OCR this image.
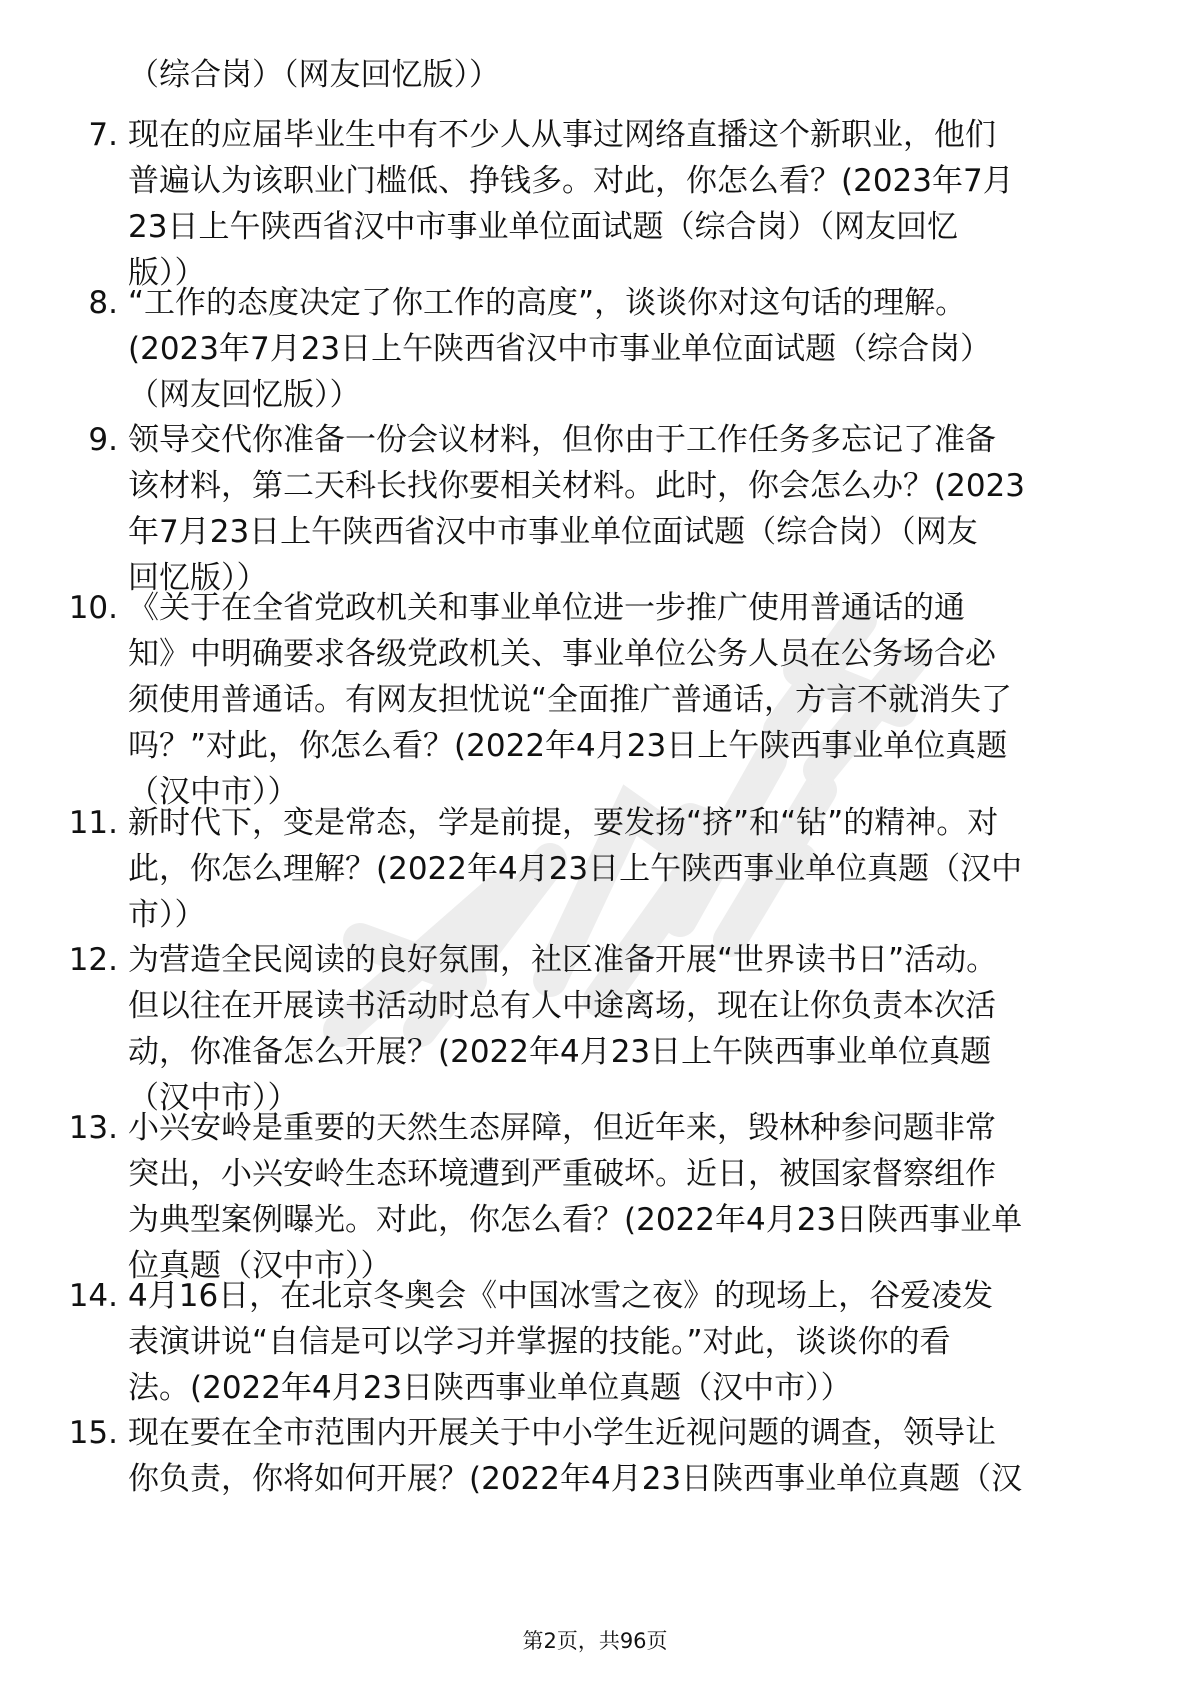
（综合岗）（网友回忆版））
7. 现在的应届毕业生中有不少人从事过网络直播这个新职业，他们
普遍认为该职业门槛低、挣钱多。对此，你怎么看？(2023年7月
23日上午陕西省汉中市事业单位面试题（综合岗）（网友回忆
版））
8. “工作的态度决定了你工作的高度”，谈谈你对这句话的理解。
(2023年7月23日上午陕西省汉中市事业单位面试题（综合岗）
（网友回忆版））
9. 领导交代你准备一份会议材料，但你由于工作任务多忘记了准备
该材料，第二天科长找你要相关材料。此时，你会怎么办？(2023
年7月23日上午陕西省汉中市事业单位面试题（综合岗）（网友
回忆版））
10. 《关于在全省党政机关和事业单位进一步推广使用普通话的通
知》中明确要求各级党政机关、事业单位公务人员在公务场合必
须使用普通话。有网友担忧说“全面推广普通话，方言不就消失了
吗？”对此，你怎么看？(2022年4月23日上午陕西事业单位真题
（汉中市））
11. 新时代下，变是常态，学是前提，要发扬“挤”和“钻”的精神。对
此，你怎么理解？(2022年4月23日上午陕西事业单位真题（汉中
市））
12. 为营造全民阅读的良好氛围，社区准备开展“世界读书日”活动。
但以往在开展读书活动时总有人中途离场，现在让你负责本次活
动，你准备怎么开展？(2022年4月23日上午陕西事业单位真题
（汉中市））
13. 小兴安岭是重要的天然生态屏障，但近年来，毁林种参问题非常
突出，小兴安岭生态环境遭到严重破坏。近日，被国家督察组作
为典型案例曝光。对此，你怎么看？(2022年4月23日陕西事业单
位真题（汉中市））
14. 4月16日，在北京冬奥会《中国冰雪之夜》的现场上，谷爱凌发
表演讲说“自信是可以学习并掌握的技能。”对此，谈谈你的看
法。(2022年4月23日陕西事业单位真题（汉中市））
15. 现在要在全市范围内开展关于中小学生近视问题的调查，领导让
你负责，你将如何开展？(2022年4月23日陕西事业单位真题（汉
第2页，共96页
